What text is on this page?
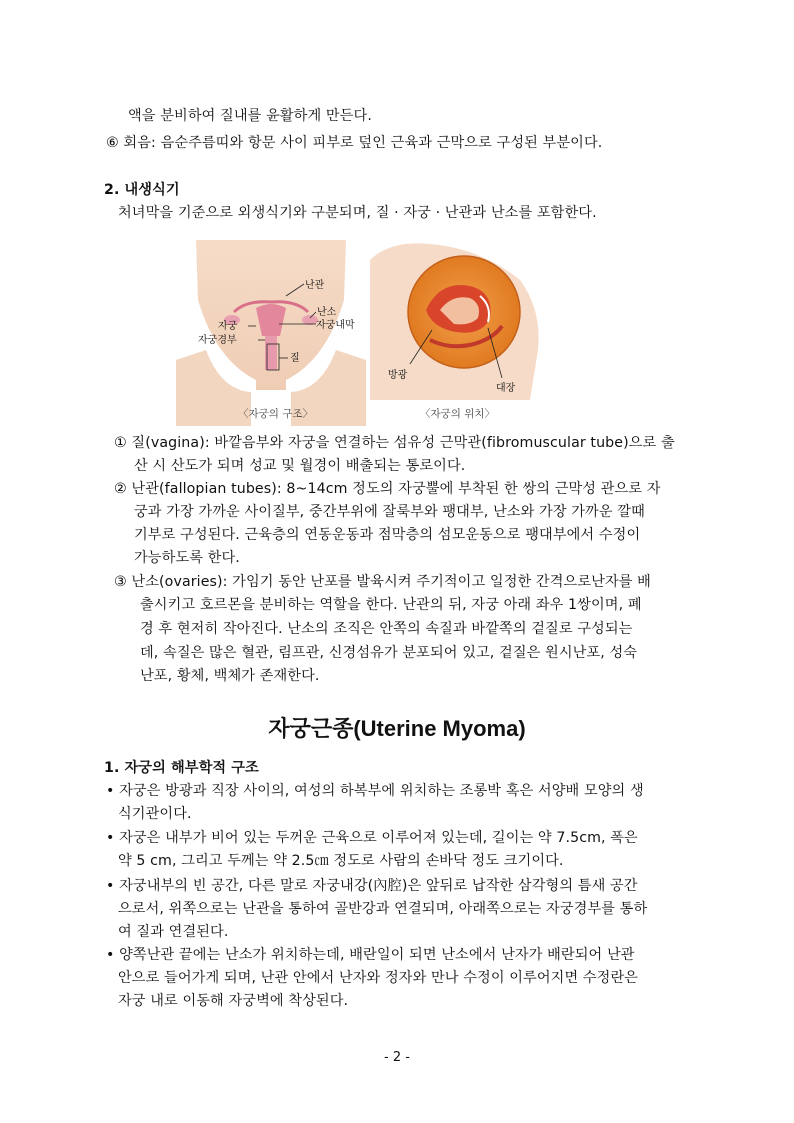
액을 분비하여 질내를 윤활하게 만든다.
⑥ 회음: 음순주름띠와 항문 사이 피부로 덮인 근육과 근막으로 구성된 부분이다.
2. 내생식기
처녀막을 기준으로 외생식기와 구분되며, 질 · 자궁 · 난관과 난소를 포함한다.
난관
난소
자궁	자궁내막
자궁경부
질
〈자궁의 구조〉
방광
대장
〈자궁의 위치〉
① 질(vagina): 바깥음부와 자궁을 연결하는 섬유성 근막관(fibromuscular tube)으로 출
산 시 산도가 되며 성교 및 월경이 배출되는 통로이다.
② 난관(fallopian tubes): 8~14cm 정도의 자궁뿔에 부착된 한 쌍의 근막성 관으로 자
궁과 가장 가까운 사이질부, 중간부위에 잘룩부와 팽대부, 난소와 가장 가까운 깔때
기부로 구성된다. 근육층의 연동운동과 점막층의 섬모운동으로 팽대부에서 수정이
가능하도록 한다.
③ 난소(ovaries): 가임기 동안 난포를 발육시켜 주기적이고 일정한 간격으로난자를 배
출시키고 호르몬을 분비하는 역할을 한다. 난관의 뒤, 자궁 아래 좌우 1쌍이며, 폐
경 후 현저히 작아진다. 난소의 조직은 안쪽의 속질과 바깥쪽의 겉질로 구성되는
데, 속질은 많은 혈관, 림프관, 신경섬유가 분포되어 있고, 겉질은 원시난포, 성숙
난포, 황체, 백체가 존재한다.
자궁근종(Uterine Myoma)
1. 자궁의 해부학적 구조
• 자궁은 방광과 직장 사이의, 여성의 하복부에 위치하는 조롱박 혹은 서양배 모양의 생
식기관이다.
• 자궁은 내부가 비어 있는 두꺼운 근육으로 이루어져 있는데, 길이는 약 7.5cm, 폭은
약 5 cm, 그리고 두께는 약 2.5㎝ 정도로 사람의 손바닥 정도 크기이다.
• 자궁내부의 빈 공간, 다른 말로 자궁내강(內腔)은 앞뒤로 납작한 삼각형의 틈새 공간
으로서, 위쪽으로는 난관을 통하여 골반강과 연결되며, 아래쪽으로는 자궁경부를 통하
여 질과 연결된다.
• 양쪽난관 끝에는 난소가 위치하는데, 배란일이 되면 난소에서 난자가 배란되어 난관
안으로 들어가게 되며, 난관 안에서 난자와 정자와 만나 수정이 이루어지면 수정란은
자궁 내로 이동해 자궁벽에 착상된다.
- 2 -
